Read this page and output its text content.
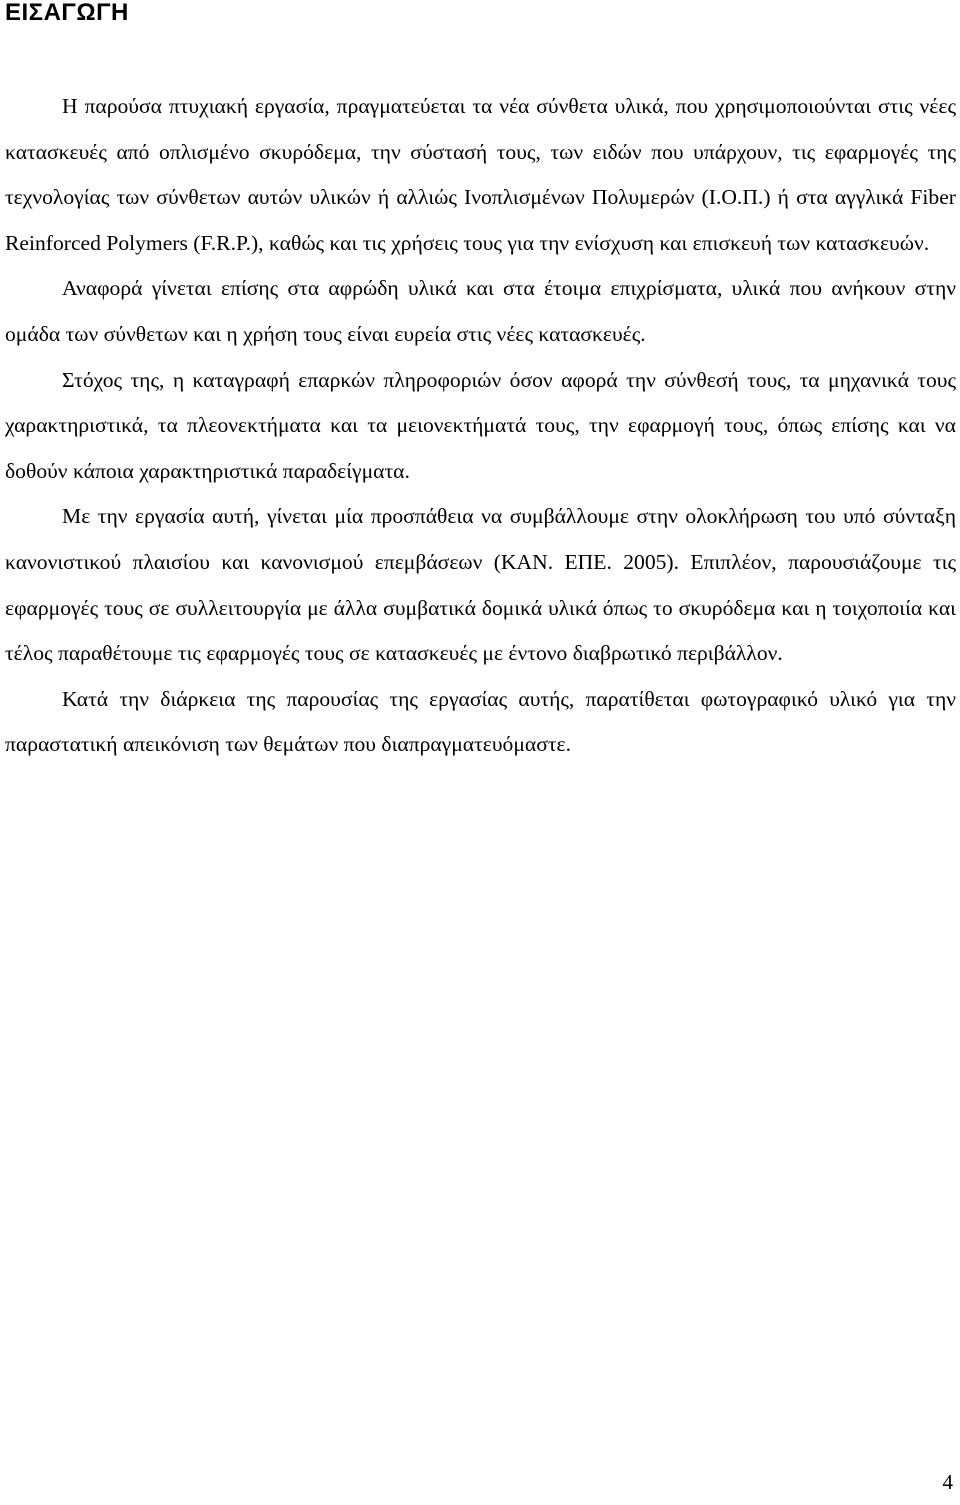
ΕΙΣΑΓΩΓΗ

Η παρούσα πτυχιακή εργασία, πραγματεύεται τα νέα σύνθετα υλικά, που χρησιμοποιούνται στις νέες κατασκευές από οπλισμένο σκυρόδεμα, την σύστασή τους, των ειδών που υπάρχουν, τις εφαρμογές της τεχνολογίας των σύνθετων αυτών υλικών ή αλλιώς Ινοπλισμένων Πολυμερών (Ι.Ο.Π.) ή στα αγγλικά Fiber Reinforced Polymers (F.R.P.), καθώς και τις χρήσεις τους για την ενίσχυση και επισκευή των κατασκευών.

Αναφορά γίνεται επίσης στα αφρώδη υλικά και στα έτοιμα επιχρίσματα, υλικά που ανήκουν στην ομάδα των σύνθετων και η χρήση τους είναι ευρεία στις νέες κατασκευές.

Στόχος της, η καταγραφή επαρκών πληροφοριών όσον αφορά την σύνθεσή τους, τα μηχανικά τους χαρακτηριστικά, τα πλεονεκτήματα και τα μειονεκτήματά τους, την εφαρμογή τους, όπως επίσης και να δοθούν κάποια χαρακτηριστικά παραδείγματα.

Με την εργασία αυτή, γίνεται μία προσπάθεια να συμβάλλουμε στην ολοκλήρωση του υπό σύνταξη κανονιστικού πλαισίου και κανονισμού επεμβάσεων (ΚΑΝ. ΕΠΕ. 2005). Επιπλέον, παρουσιάζουμε τις εφαρμογές τους σε συλλειτουργία με άλλα συμβατικά δομικά υλικά όπως το σκυρόδεμα και η τοιχοποιία και τέλος παραθέτουμε τις εφαρμογές τους σε κατασκευές με έντονο διαβρωτικό περιβάλλον.

Κατά την διάρκεια της παρουσίας της εργασίας αυτής, παρατίθεται φωτογραφικό υλικό για την παραστατική απεικόνιση των θεμάτων που διαπραγματευόμαστε.

4
